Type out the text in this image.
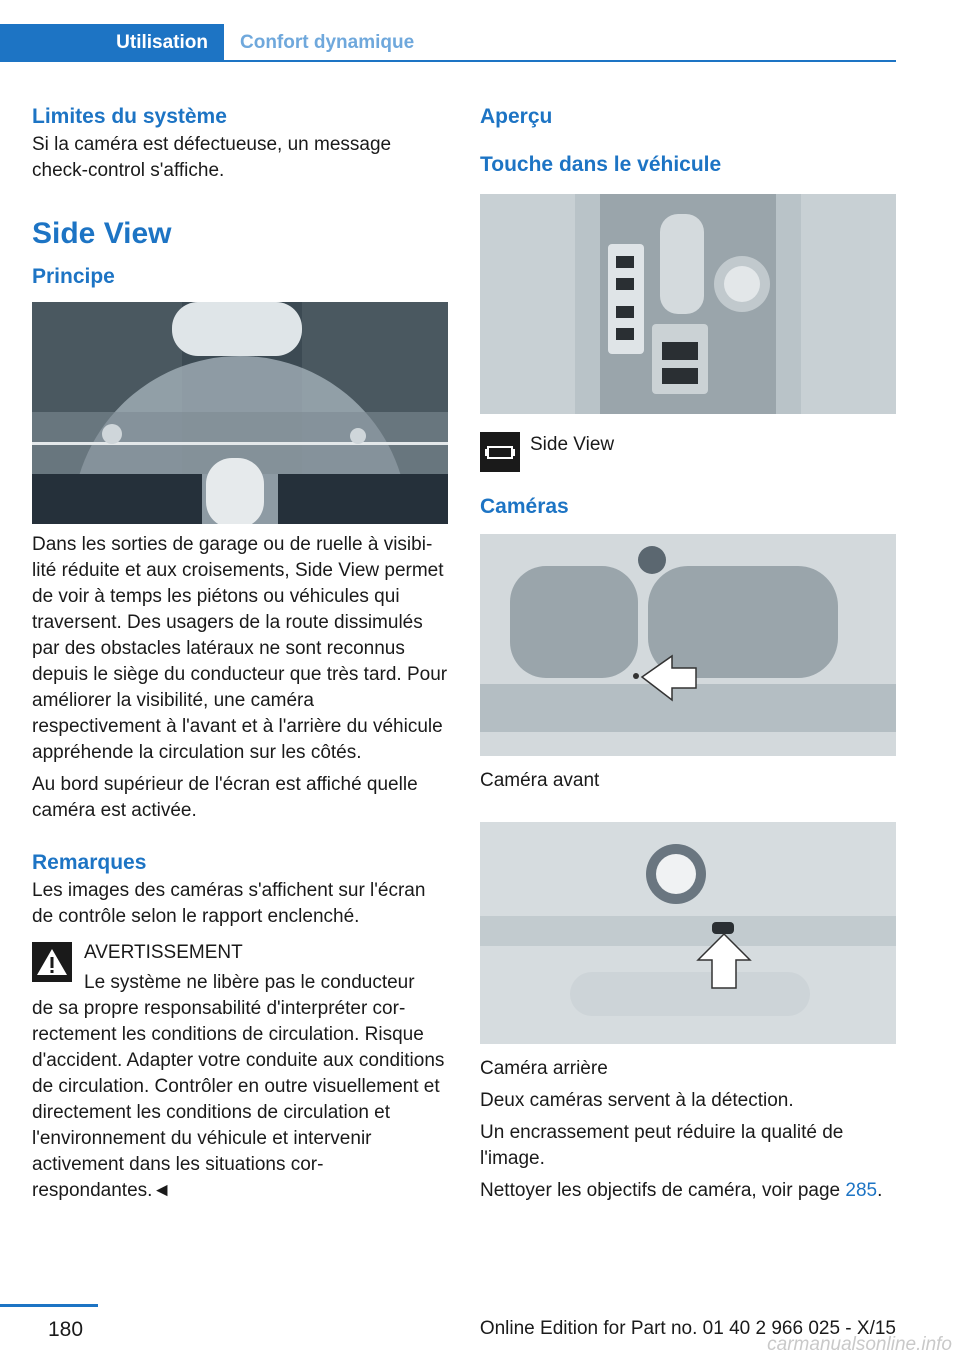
Utilisation	Confort dynamique
Limites du système

Si la caméra est défectueuse, un message check-control s'affiche.

Side View
Principe

Dans les sorties de garage ou de ruelle à visibilité réduite et aux croisements, Side View permet de voir à temps les piétons ou véhicules qui traversent. Des usagers de la route dissimulés par des obstacles latéraux ne sont reconnus depuis le siège du conducteur que très tard. Pour améliorer la visibilité, une caméra respectivement à l'avant et à l'arrière du véhicule appréhende la circulation sur les côtés.

Au bord supérieur de l'écran est affiché quelle caméra est activée.

Remarques

Les images des caméras s'affichent sur l'écran de contrôle selon le rapport enclenché.

AVERTISSEMENT

Le système ne libère pas le conducteur

de sa propre responsabilité d'interpréter correctement les conditions de circulation. Risque d'accident. Adapter votre conduite aux conditions de circulation. Contrôler en outre visuellement et directement les conditions de circulation et l'environnement du véhicule et intervenir activement dans les situations correspondantes.◄

Aperçu
Touche dans le véhicule
Side View
Caméras
Caméra avant
Caméra arrière

Deux caméras servent à la détection.

Un encrassement peut réduire la qualité de l'image.

Nettoyer les objectifs de caméra, voir page 285.

180	Online Edition for Part no. 01 40 2 966 025 - X/15
carmanualsonline.info
